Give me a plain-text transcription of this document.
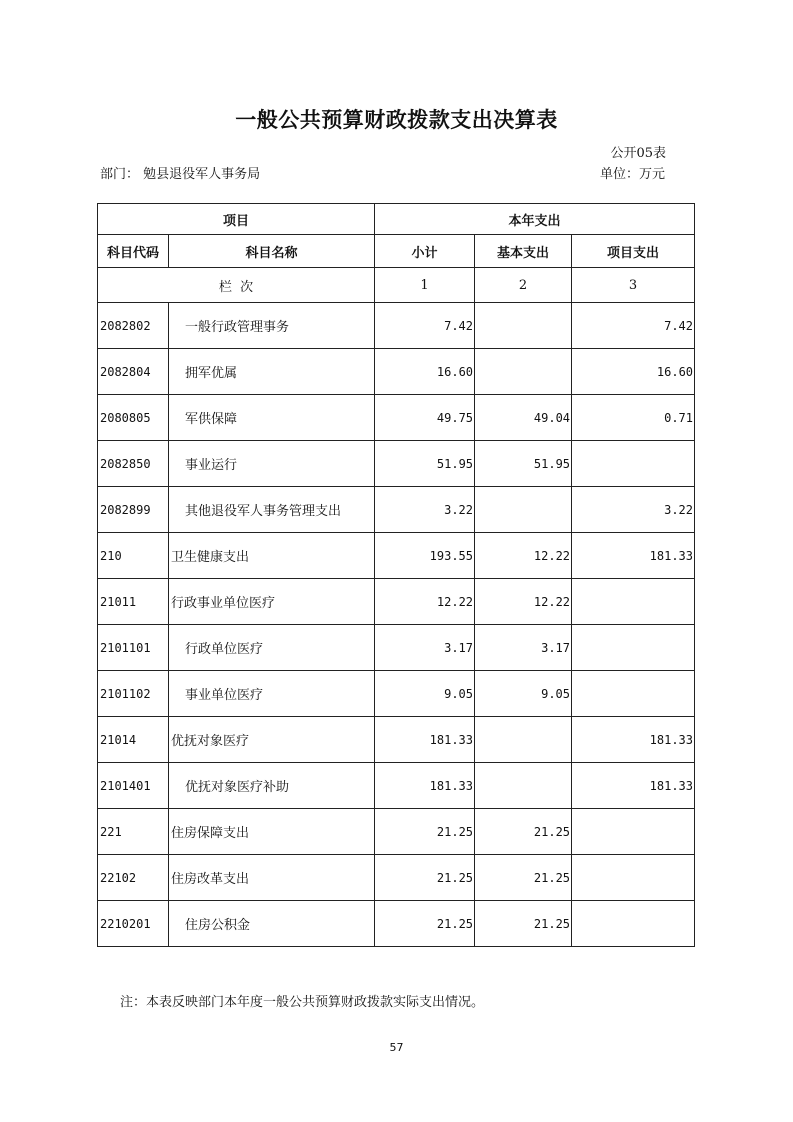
一般公共预算财政拨款支出决算表
公开05表
部门： 勉县退役军人事务局	单位：万元
项目		本年支出		
科目代码	科目名称	小计	基本支出	项目支出
栏  次		1	2	3
2082802	一般行政管理事务	7.42		7.42
2082804	拥军优属	16.60		16.60
2080805	军供保障	49.75	49.04	0.71
2082850	事业运行	51.95	51.95	
2082899	其他退役军人事务管理支出	3.22		3.22
210	卫生健康支出	193.55	12.22	181.33
21011	行政事业单位医疗	12.22	12.22	
2101101	行政单位医疗	3.17	3.17	
2101102	事业单位医疗	9.05	9.05	
21014	优抚对象医疗	181.33		181.33
2101401	优抚对象医疗补助	181.33		181.33
221	住房保障支出	21.25	21.25	
22102	住房改革支出	21.25	21.25	
2210201	住房公积金	21.25	21.25	
注：本表反映部门本年度一般公共预算财政拨款实际支出情况。
57
